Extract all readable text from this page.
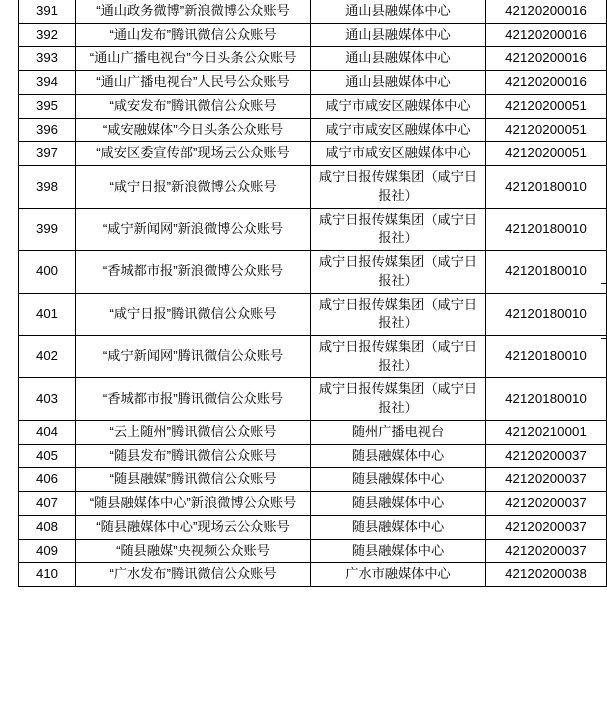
391	“通山政务微博”新浪微博公众账号	通山县融媒体中心	42120200016
392	“通山发布”腾讯微信公众账号	通山县融媒体中心	42120200016
393	“通山广播电视台”今日头条公众账号	通山县融媒体中心	42120200016
394	“通山广播电视台”人民号公众账号	通山县融媒体中心	42120200016
395	“咸安发布”腾讯微信公众账号	咸宁市咸安区融媒体中心	42120200051
396	“咸安融媒体”今日头条公众账号	咸宁市咸安区融媒体中心	42120200051
397	“咸安区委宣传部”现场云公众账号	咸宁市咸安区融媒体中心	42120200051
398	“咸宁日报”新浪微博公众账号	咸宁日报传媒集团（咸宁日报社）	42120180010
399	“咸宁新闻网”新浪微博公众账号	咸宁日报传媒集团（咸宁日报社）	42120180010
400	“香城都市报”新浪微博公众账号	咸宁日报传媒集团（咸宁日报社）	42120180010
401	“咸宁日报”腾讯微信公众账号	咸宁日报传媒集团（咸宁日报社）	42120180010
402	“咸宁新闻网”腾讯微信公众账号	咸宁日报传媒集团（咸宁日报社）	42120180010
403	“香城都市报”腾讯微信公众账号	咸宁日报传媒集团（咸宁日报社）	42120180010
404	“云上随州”腾讯微信公众账号	随州广播电视台	42120210001
405	“随县发布”腾讯微信公众账号	随县融媒体中心	42120200037
406	“随县融媒”腾讯微信公众账号	随县融媒体中心	42120200037
407	“随县融媒体中心”新浪微博公众账号	随县融媒体中心	42120200037
408	“随县融媒体中心”现场云公众账号	随县融媒体中心	42120200037
409	“随县融媒”央视频公众账号	随县融媒体中心	42120200037
410	“广水发布”腾讯微信公众账号	广水市融媒体中心	42120200038
